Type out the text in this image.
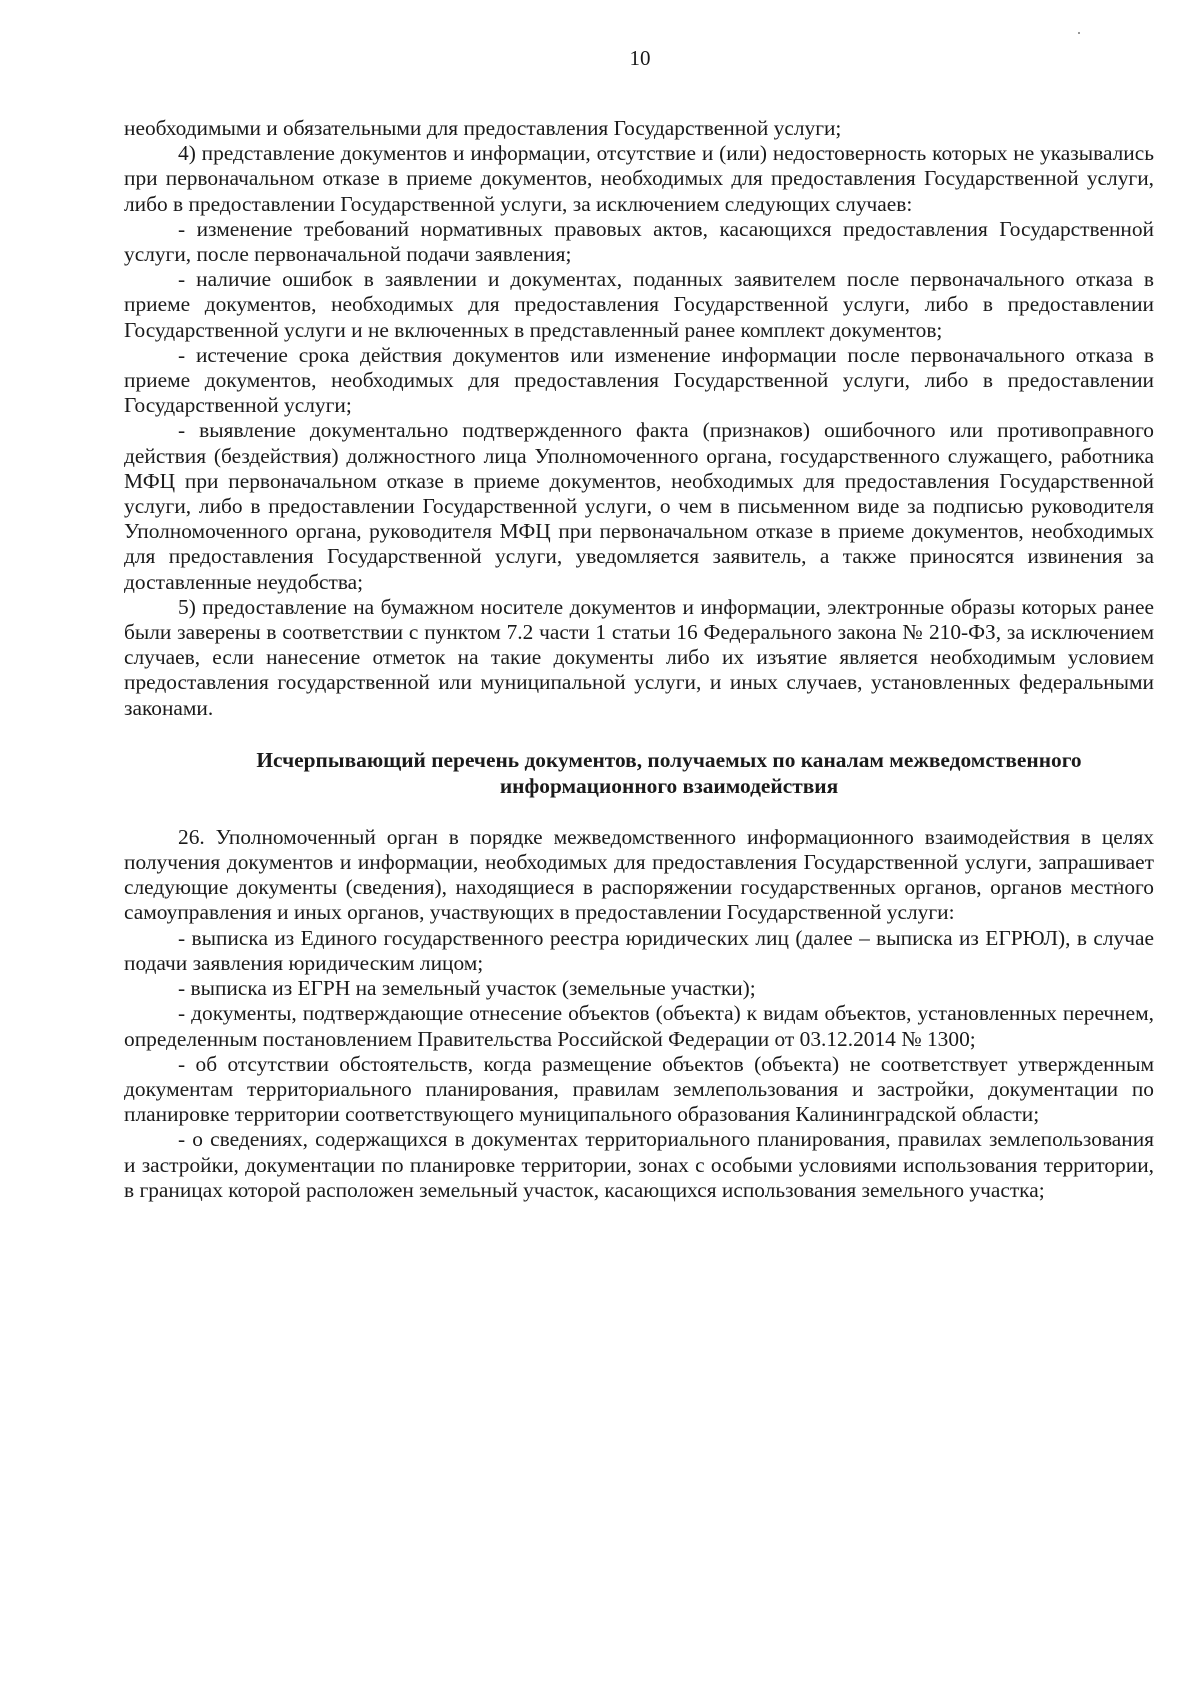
10

необходимыми и обязательными для предоставления Государственной услуги;

4) представление документов и информации, отсутствие и (или) недостоверность которых не указывались при первоначальном отказе в приеме документов, необходимых для предоставления Государственной услуги, либо в предоставлении Государственной услуги, за исключением следующих случаев:

- изменение требований нормативных правовых актов, касающихся предоставления Государственной услуги, после первоначальной подачи заявления;

- наличие ошибок в заявлении и документах, поданных заявителем после первоначального отказа в приеме документов, необходимых для предоставления Государственной услуги, либо в предоставлении Государственной услуги и не включенных в представленный ранее комплект документов;

- истечение срока действия документов или изменение информации после первоначального отказа в приеме документов, необходимых для предоставления Государственной услуги, либо в предоставлении Государственной услуги;

- выявление документально подтвержденного факта (признаков) ошибочного или противоправного действия (бездействия) должностного лица Уполномоченного органа, государственного служащего, работника МФЦ при первоначальном отказе в приеме документов, необходимых для предоставления Государственной услуги, либо в предоставлении Государственной услуги, о чем в письменном виде за подписью руководителя Уполномоченного органа, руководителя МФЦ при первоначальном отказе в приеме документов, необходимых для предоставления Государственной услуги, уведомляется заявитель, а также приносятся извинения за доставленные неудобства;

5) предоставление на бумажном носителе документов и информации, электронные образы которых ранее были заверены в соответствии с пунктом 7.2 части 1 статьи 16 Федерального закона № 210-ФЗ, за исключением случаев, если нанесение отметок на такие документы либо их изъятие является необходимым условием предоставления государственной или муниципальной услуги, и иных случаев, установленных федеральными законами.

Исчерпывающий перечень документов, получаемых по каналам межведомственного
информационного взаимодействия

26. Уполномоченный орган в порядке межведомственного информационного взаимодействия в целях получения документов и информации, необходимых для предоставления Государственной услуги, запрашивает следующие документы (сведения), находящиеся в распоряжении государственных органов, органов местного самоуправления и иных органов, участвующих в предоставлении Государственной услуги:

- выписка из Единого государственного реестра юридических лиц (далее – выписка из ЕГРЮЛ), в случае подачи заявления юридическим лицом;

- выписка из ЕГРН на земельный участок (земельные участки);

- документы, подтверждающие отнесение объектов (объекта) к видам объектов, установленных перечнем, определенным постановлением Правительства Российской Федерации от 03.12.2014 № 1300;

- об отсутствии обстоятельств, когда размещение объектов (объекта) не соответствует утвержденным документам территориального планирования, правилам землепользования и застройки, документации по планировке территории соответствующего муниципального образования Калининградской области;

- о сведениях, содержащихся в документах территориального планирования, правилах землепользования и застройки, документации по планировке территории, зонах с особыми условиями использования территории, в границах которой расположен земельный участок, касающихся использования земельного участка;
